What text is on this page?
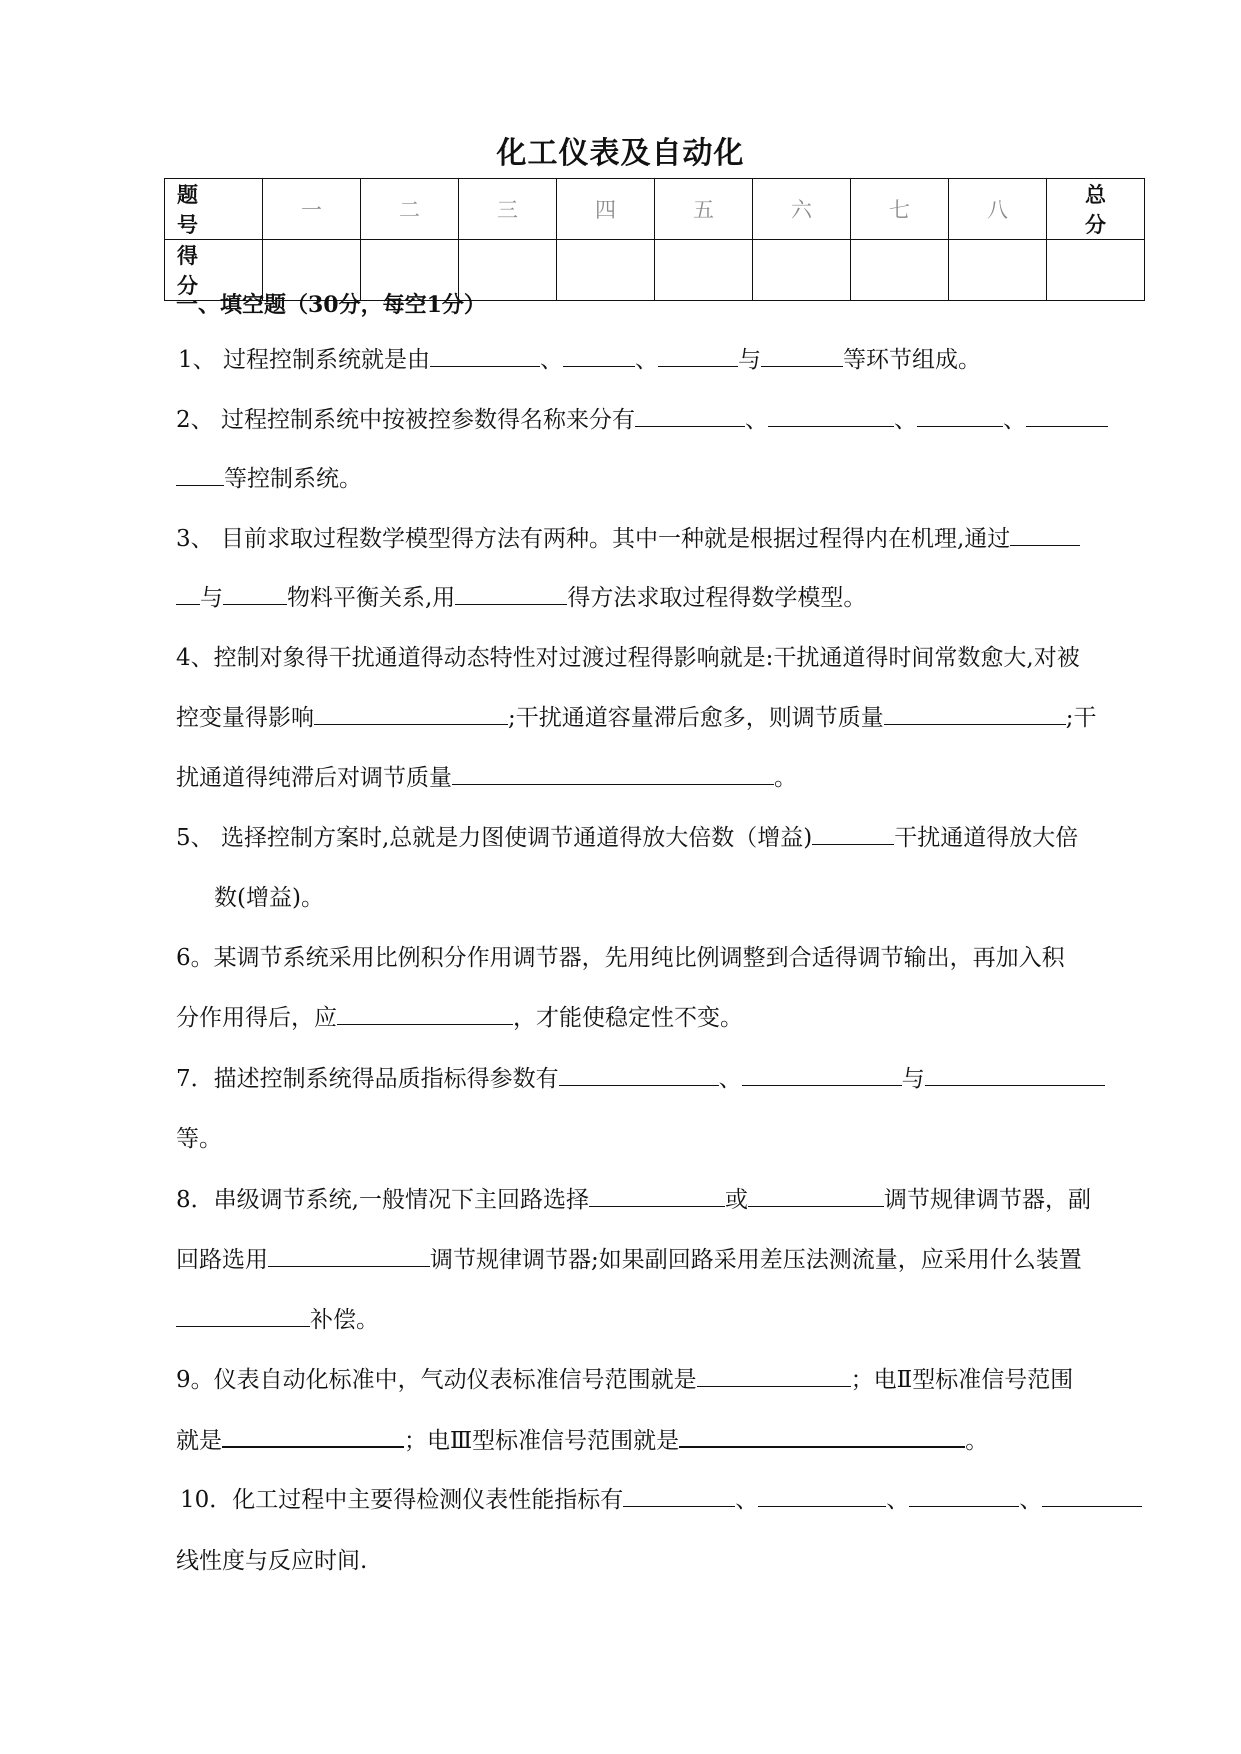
化工仪表及自动化
题　号	一	二	三	四	五	六	七	八	总　分
得　分									
一、填空题（30分，每空1分）
1、 过程控制系统就是由	、	、	与	等环节组成。
2、 过程控制系统中按被控参数得名称来分有	、	、	、
等控制系统。
3、 目前求取过程数学模型得方法有两种。其中一种就是根据过程得内在机理,通过
与	物料平衡关系,用	得方法求取过程得数学模型。
4、控制对象得干扰通道得动态特性对过渡过程得影响就是:干扰通道得时间常数愈大,对被
控变量得影响	;干扰通道容量滞后愈多，则调节质量	;干
扰通道得纯滞后对调节质量	。
5、 选择控制方案时,总就是力图使调节通道得放大倍数（增益)	干扰通道得放大倍
数(增益)。
6。某调节系统采用比例积分作用调节器，先用纯比例调整到合适得调节输出，再加入积
分作用得后，应	，才能使稳定性不变。
7．描述控制系统得品质指标得参数有	、	与
等。
8．串级调节系统,一般情况下主回路选择	或	调节规律调节器，副
回路选用	调节规律调节器;如果副回路采用差压法测流量，应采用什么装置
补偿。
9。仪表自动化标准中，气动仪表标准信号范围就是	；电Ⅱ型标准信号范围
就是	；电Ⅲ型标准信号范围就是	。
10．化工过程中主要得检测仪表性能指标有	、	、	、
线性度与反应时间.
